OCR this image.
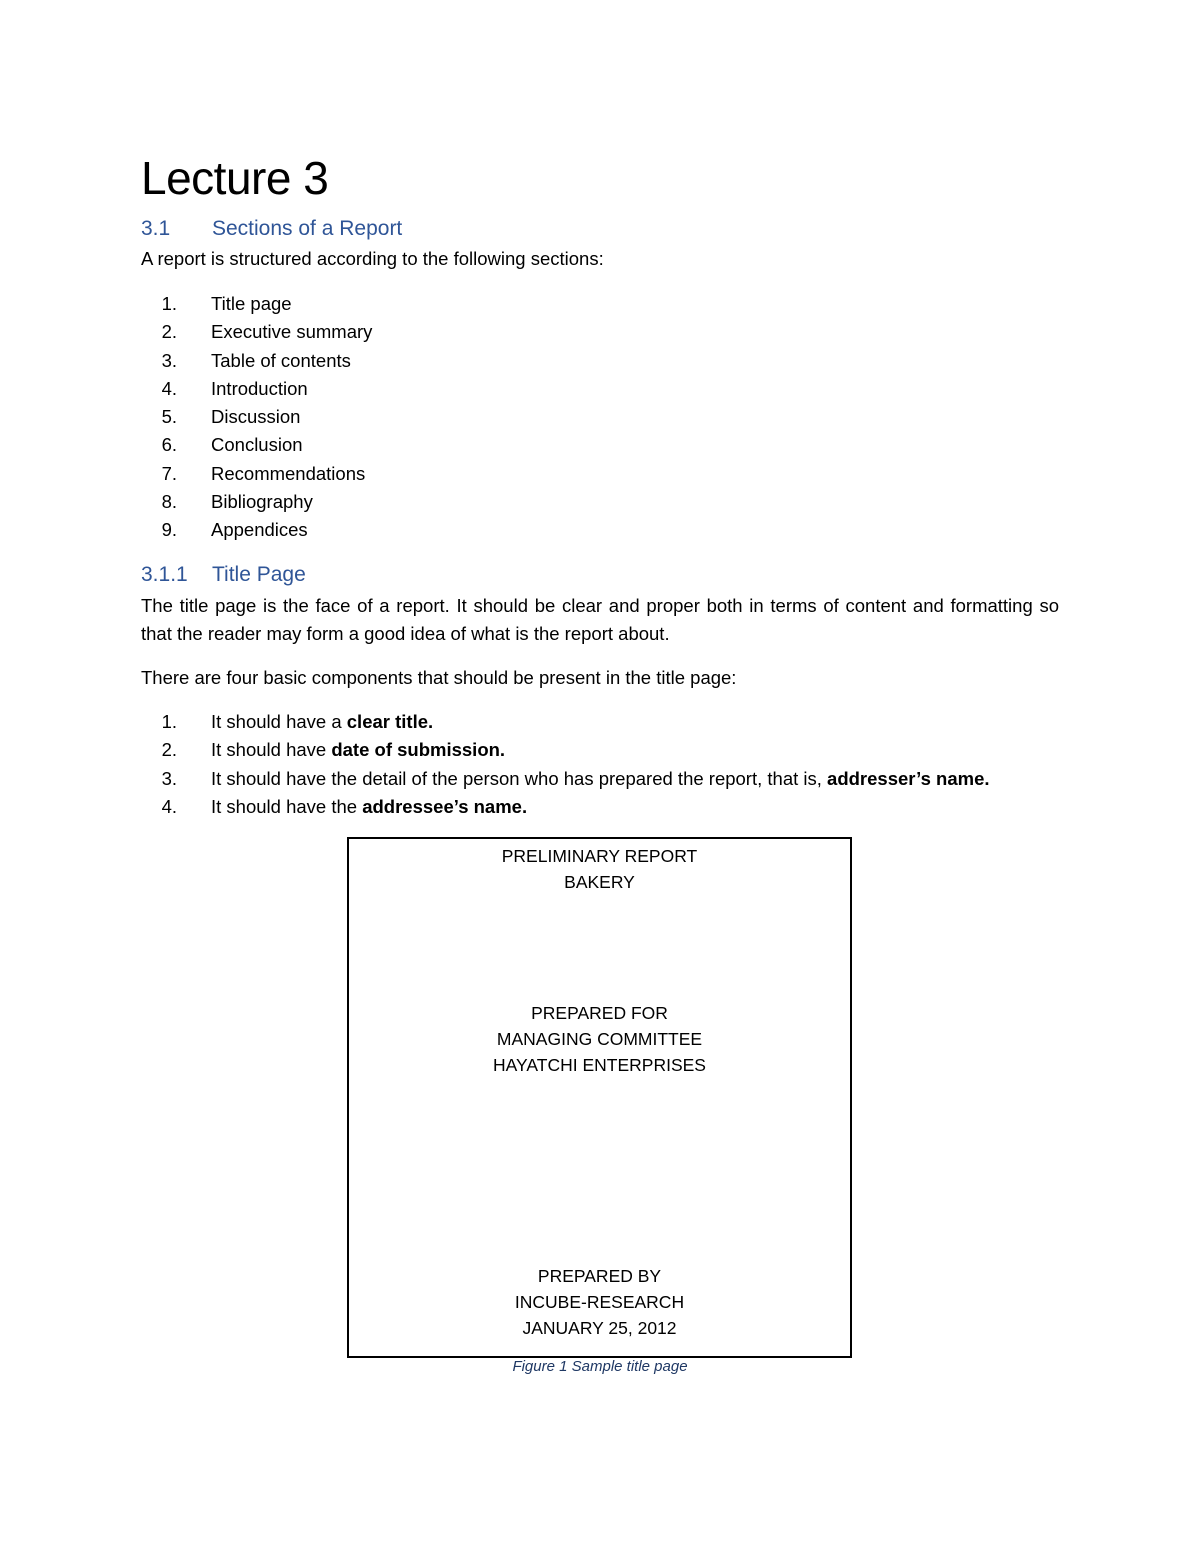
Lecture 3
3.1 Sections of a Report
A report is structured according to the following sections:
1. Title page
2. Executive summary
3. Table of contents
4. Introduction
5. Discussion
6. Conclusion
7. Recommendations
8. Bibliography
9. Appendices
3.1.1 Title Page
The title page is the face of a report. It should be clear and proper both in terms of content and formatting so that the reader may form a good idea of what is the report about.
There are four basic components that should be present in the title page:
1. It should have a clear title.
2. It should have date of submission.
3. It should have the detail of the person who has prepared the report, that is, addresser’s name.
4. It should have the addressee’s name.
PRELIMINARY REPORT
BAKERY
PREPARED FOR
MANAGING COMMITTEE
HAYATCHI ENTERPRISES
PREPARED BY
INCUBE-RESEARCH
JANUARY 25, 2012
Figure 1 Sample title page
